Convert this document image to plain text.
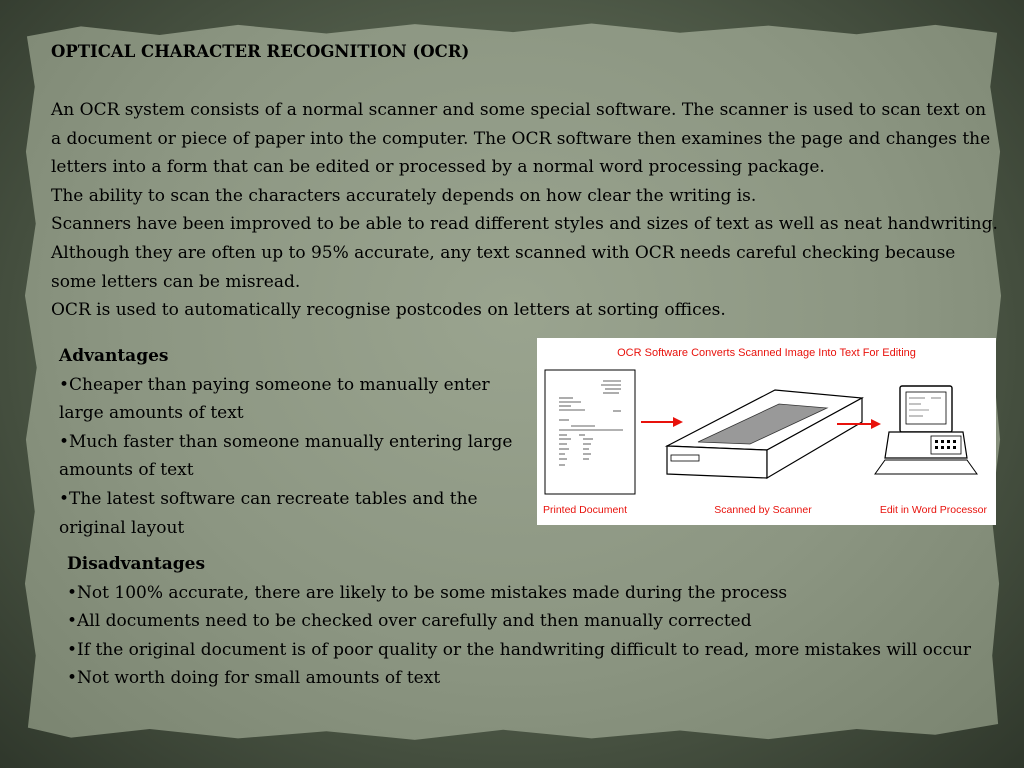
OPTICAL CHARACTER RECOGNITION (OCR)

An OCR system consists of a normal scanner and some special software. The scanner is used to scan text on a document or piece of paper into the computer. The OCR software then examines the page and changes the letters into a form that can be edited or processed by a normal word processing package.

The ability to scan the characters accurately depends on how clear the writing is.

Scanners have been improved to be able to read different styles and sizes of text as well as neat handwriting. Although they are often up to 95% accurate, any text scanned with OCR needs careful checking because some letters can be misread.

OCR is used to automatically recognise postcodes on letters at sorting offices.

Advantages

•Cheaper than paying someone to manually enter large amounts of text

•Much faster than someone manually entering large amounts of text

•The latest software can recreate tables and the original layout

OCR Software Converts Scanned Image Into Text For Editing
Printed Document	Scanned by Scanner	Edit in Word Processor

Disadvantages

•Not 100% accurate, there are likely to be some mistakes made during the process

•All documents need to be checked over carefully and then manually corrected

•If the original document is of poor quality or the handwriting difficult to read, more mistakes will occur

•Not worth doing for small amounts of text
